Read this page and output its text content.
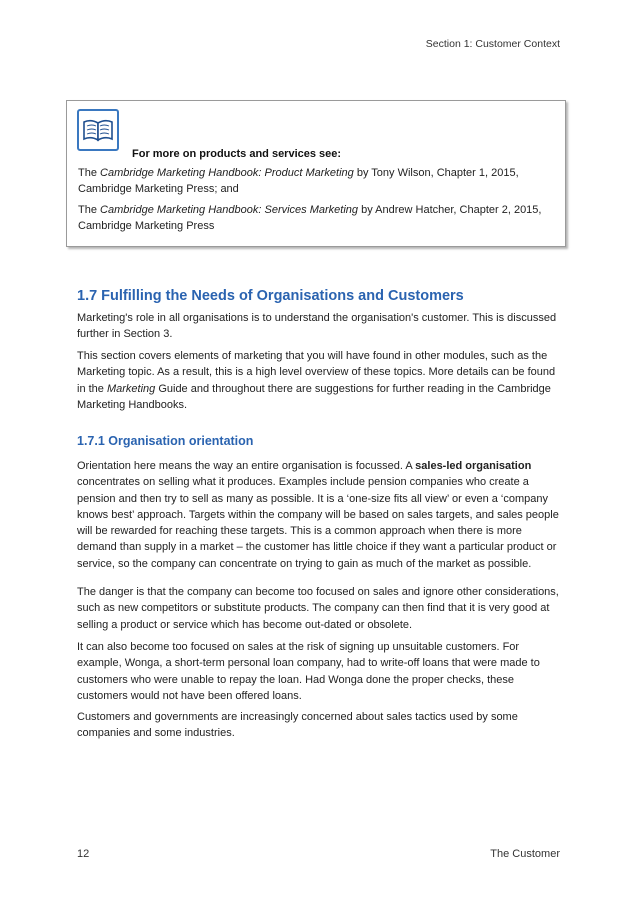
Section 1: Customer Context
For more on products and services see:
The Cambridge Marketing Handbook: Product Marketing by Tony Wilson, Chapter 1, 2015, Cambridge Marketing Press; and
The Cambridge Marketing Handbook: Services Marketing by Andrew Hatcher, Chapter 2, 2015, Cambridge Marketing Press
1.7 Fulfilling the Needs of Organisations and Customers

Marketing's role in all organisations is to understand the organisation's customer. This is discussed further in Section 3.

This section covers elements of marketing that you will have found in other modules, such as the Marketing topic. As a result, this is a high level overview of these topics. More details can be found in the Marketing Guide and throughout there are suggestions for further reading in the Cambridge Marketing Handbooks.

1.7.1 Organisation orientation

Orientation here means the way an entire organisation is focussed. A sales-led organisation concentrates on selling what it produces. Examples include pension companies who create a pension and then try to sell as many as possible. It is a ‘one-size fits all view’ or even a ‘company knows best’ approach. Targets within the company will be based on sales targets, and sales people will be rewarded for reaching these targets. This is a common approach when there is more demand than supply in a market – the customer has little choice if they want a particular product or service, so the company can concentrate on trying to gain as much of the market as possible.

The danger is that the company can become too focused on sales and ignore other considerations, such as new competitors or substitute products. The company can then find that it is very good at selling a product or service which has become out-dated or obsolete.

It can also become too focused on sales at the risk of signing up unsuitable customers. For example, Wonga, a short-term personal loan company, had to write-off loans that were made to customers who were unable to repay the loan. Had Wonga done the proper checks, these customers would not have been offered loans.

Customers and governments are increasingly concerned about sales tactics used by some companies and some industries.

12	The Customer
